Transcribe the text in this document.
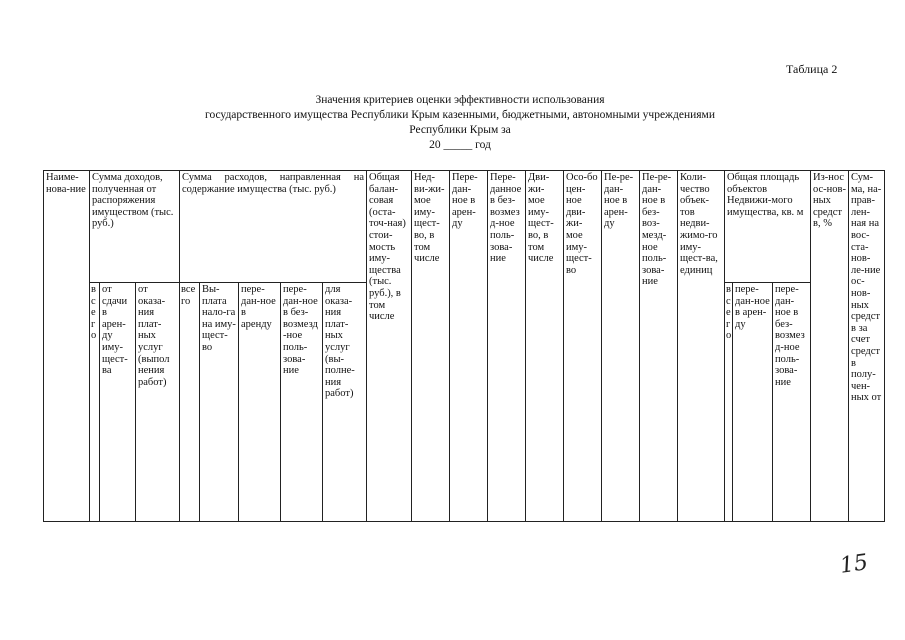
Таблица 2
Значения критериев оценки эффективности использования
государственного имущества Республики Крым казенными, бюджетными, автономными учреждениями
Республики Крым за
20 _____ год
Наиме-нова-ние	Сумма доходов, полученная от распоряжения имуществом (тыс. руб.)			Сумма расходов, направленная на содержание имущества (тыс. руб.)					Общая балан-совая (оста-точ-ная) стои-мость иму-щества (тыс. руб.), в том числе	Нед-ви-жи-мое иму-щест-во, в том числе	Пере-дан-ное в арен-ду	Пере-данное в без-возмезд-ное поль-зова-ние	Дви-жи-мое иму-щест-во, в том числе	Осо-бо цен-ное дви-жи-мое иму-щест-во	Пе-ре-дан-ное в арен-ду	Пе-ре-дан-ное в без-воз-мезд-ное поль-зова-ние	Коли-чество объек-тов недви-жимо-го иму-щест-ва, единиц	Общая площадь объектов Недвижи-мого имущества, кв. м			Из-нос ос-нов-ных средств, %	Сум-ма, на-прав-лен-ная на вос-ста-нов-ле-ние ос-нов-ных средств за счет средств полу-чен-ных от
	всего	от сдачи в арен-ду иму-щест-ва	от оказа-ния плат-ных услуг (выпол нения работ)	все го	Вы-плата нало-га на иму-щест-во	пере-дан-ное в аренду	пере-дан-ное в без-возмезд-ное поль-зова-ние	для оказа-ния плат-ных услуг (вы-полне-ния работ)										всего	пере-дан-ное в арен-ду	пере-дан-ное в без-возмезд-ное поль-зова-ние		
15
